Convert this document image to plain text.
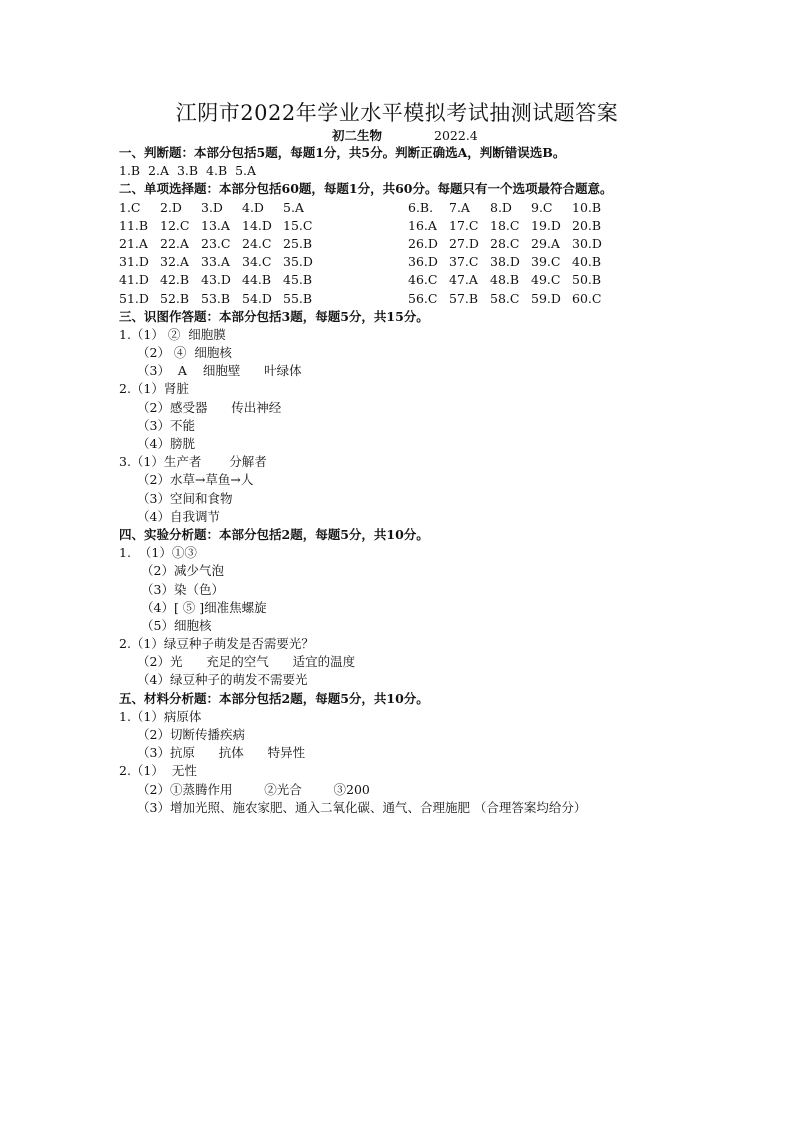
江阴市2022年学业水平模拟考试抽测试题答案
初二生物	2022.4
一、判断题：本部分包括5题，每题1分，共5分。判断正确选A，判断错误选B。
1.B  2.A  3.B  4.B  5.A
二、单项选择题：本部分包括60题，每题1分，共60分。每题只有一个选项最符合题意。
1.C	2.D	3.D	4.D	5.A	6.B.	7.A	8.D	9.C	10.B
11.B 12.C 13.A 14.D 15.C	16.A 17.C 18.C 19.D 20.B
21.A 22.A 23.C 24.C 25.B	26.D 27.D 28.C 29.A 30.D
31.D 32.A 33.A 34.C 35.D	36.D 37.C 38.D 39.C 40.B
41.D 42.B 43.D 44.B 45.B	46.C 47.A 48.B 49.C 50.B
51.D 52.B 53.B 54.D 55.B	56.C 57.B 58.C 59.D 60.C
三、识图作答题：本部分包括3题，每题5分，共15分。
1.（1） ②  细胞膜
（2） ④  细胞核
（3）  A    细胞壁      叶绿体
2.（1）肾脏
（2）感受器      传出神经
（3）不能
（4）膀胱
3.（1）生产者       分解者
（2）水草→草鱼→人
（3）空间和食物
（4）自我调节
四、实验分析题：本部分包括2题，每题5分，共10分。
1.  （1）①③
（2）减少气泡
（3）染（色）
（4）[ ⑤ ]细准焦螺旋
（5）细胞核
2.（1）绿豆种子萌发是否需要光？
（2）光      充足的空气      适宜的温度
（4）绿豆种子的萌发不需要光
五、材料分析题：本部分包括2题，每题5分，共10分。
1.（1）病原体
（2）切断传播疾病
（3）抗原      抗体      特异性
2.（1）  无性
（2）①蒸腾作用        ②光合        ③200
（3）增加光照、施农家肥、通入二氧化碳、通气、合理施肥 （合理答案均给分）
